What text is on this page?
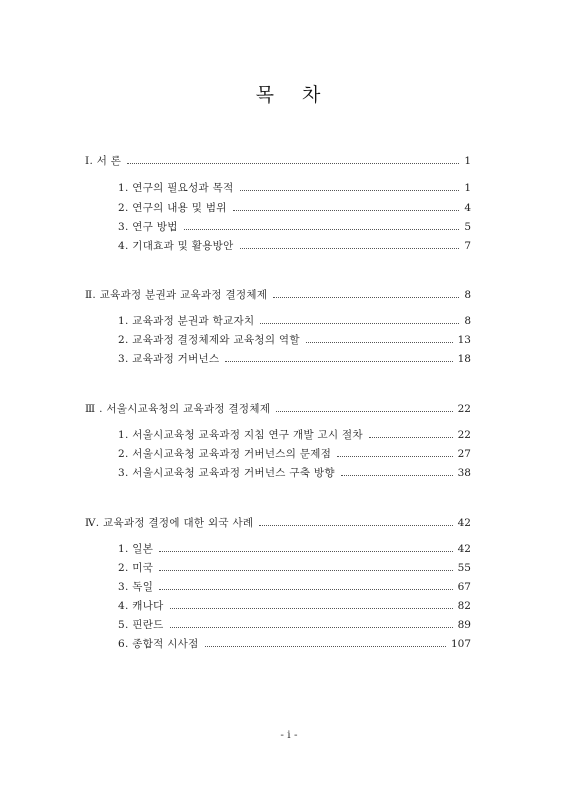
목 차
Ⅰ. 서 론	1
1. 연구의 필요성과 목적	1
2. 연구의 내용 및 범위	4
3. 연구 방법	5
4. 기대효과 및 활용방안	7
Ⅱ. 교육과정 분권과 교육과정 결정체제	8
1. 교육과정 분권과 학교자치	8
2. 교육과정 결정체제와 교육청의 역할	13
3. 교육과정 거버넌스	18
Ⅲ . 서울시교육청의 교육과정 결정체제	22
1. 서울시교육청 교육과정 지침 연구 개발 고시 절차	22
2. 서울시교육청 교육과정 거버넌스의 문제점	27
3. 서울시교육청 교육과정 거버넌스 구축 방향	38
Ⅳ. 교육과정 결정에 대한 외국 사례	42
1. 일본	42
2. 미국	55
3. 독일	67
4. 캐나다	82
5. 핀란드	89
6. 종합적 시사점	107
- i -
